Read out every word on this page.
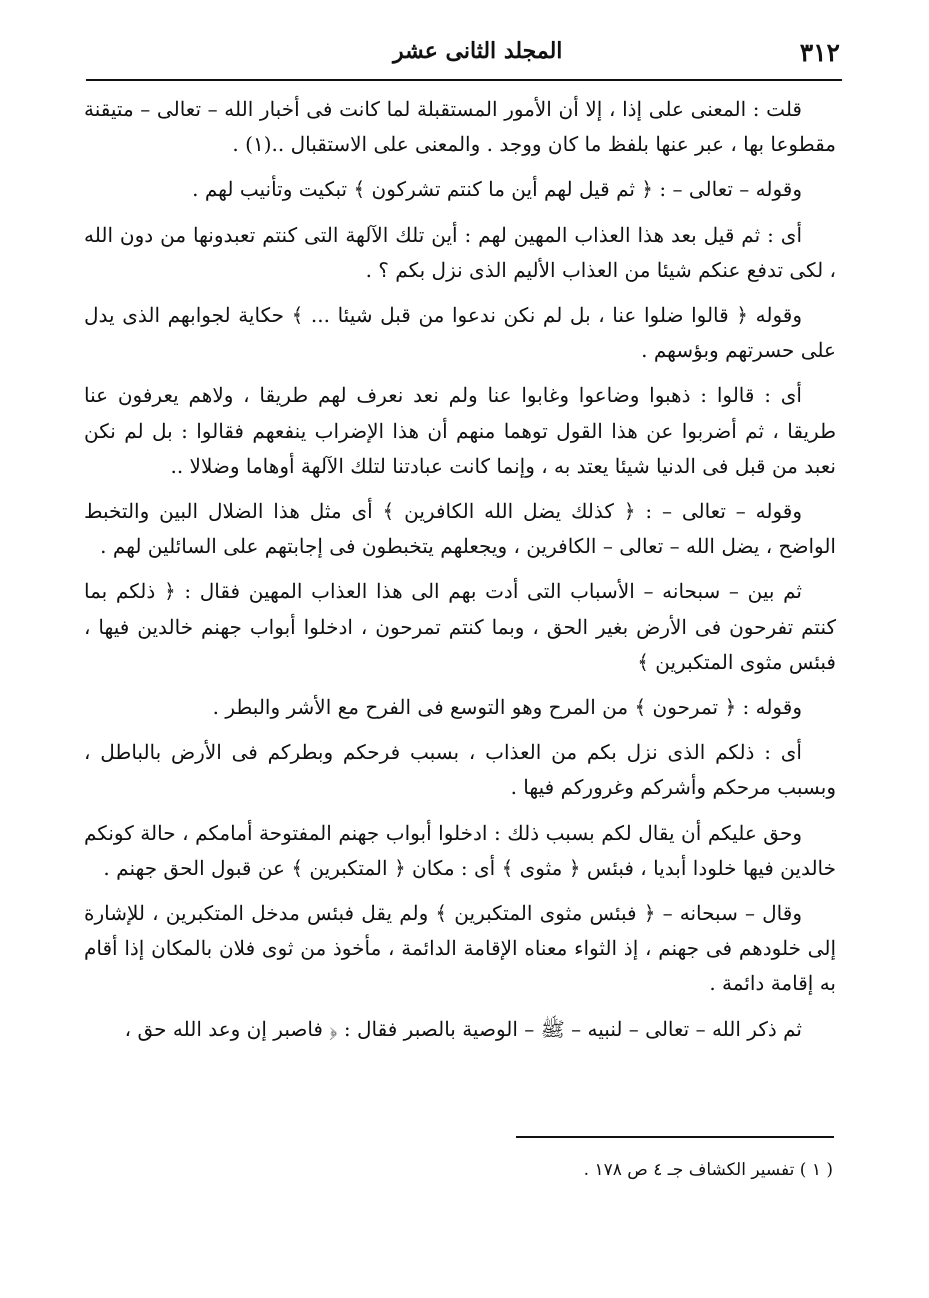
٣١٢
المجلد الثانى عشر

قلت : المعنى على إذا ، إلا أن الأمور المستقبلة لما كانت فى أخبار الله – تعالى – متيقنة مقطوعا بها ، عبر عنها بلفظ ما كان ووجد . والمعنى على الاستقبال ..(١) .

وقوله – تعالى – : ﴿ ثم قيل لهم أين ما كنتم تشركون ﴾ تبكيت وتأنيب لهم .

أى : ثم قيل بعد هذا العذاب المهين لهم : أين تلك الآلهة التى كنتم تعبدونها من دون الله ، لكى تدفع عنكم شيئا من العذاب الأليم الذى نزل بكم ؟ .

وقوله ﴿ قالوا ضلوا عنا ، بل لم نكن ندعوا من قبل شيئا ... ﴾ حكاية لجوابهم الذى يدل على حسرتهم وبؤسهم .

أى : قالوا : ذهبوا وضاعوا وغابوا عنا ولم نعد نعرف لهم طريقا ، ولاهم يعرفون عنا طريقا ، ثم أضربوا عن هذا القول توهما منهم أن هذا الإضراب ينفعهم فقالوا : بل لم نكن نعبد من قبل فى الدنيا شيئا يعتد به ، وإنما كانت عبادتنا لتلك الآلهة أوهاما وضلالا ..

وقوله – تعالى – : ﴿ كذلك يضل الله الكافرين ﴾ أى مثل هذا الضلال البين والتخبط الواضح ، يضل الله – تعالى – الكافرين ، ويجعلهم يتخبطون فى إجابتهم على السائلين لهم .

ثم بين – سبحانه – الأسباب التى أدت بهم الى هذا العذاب المهين فقال : ﴿ ذلكم بما كنتم تفرحون فى الأرض بغير الحق ، وبما كنتم تمرحون ، ادخلوا أبواب جهنم خالدين فيها ، فبئس مثوى المتكبرين ﴾

وقوله : ﴿ تمرحون ﴾ من المرح وهو التوسع فى الفرح مع الأشر والبطر .

أى : ذلكم الذى نزل بكم من العذاب ، بسبب فرحكم وبطركم فى الأرض بالباطل ، وبسبب مرحكم وأشركم وغروركم فيها .

وحق عليكم أن يقال لكم بسبب ذلك : ادخلوا أبواب جهنم المفتوحة أمامكم ، حالة كونكم خالدين فيها خلودا أبديا ، فبئس ﴿ مثوى ﴾ أى : مكان ﴿ المتكبرين ﴾ عن قبول الحق جهنم .

وقال – سبحانه – ﴿ فبئس مثوى المتكبرين ﴾ ولم يقل فبئس مدخل المتكبرين ، للإشارة إلى خلودهم فى جهنم ، إذ الثواء معناه الإقامة الدائمة ، مأخوذ من ثوى فلان بالمكان إذا أقام به إقامة دائمة .

ثم ذكر الله – تعالى – لنبيه – ﷺ – الوصية بالصبر فقال : ﴿ فاصبر إن وعد الله حق ،

( ١ ) تفسير الكشاف جـ ٤ ص ١٧٨ .
